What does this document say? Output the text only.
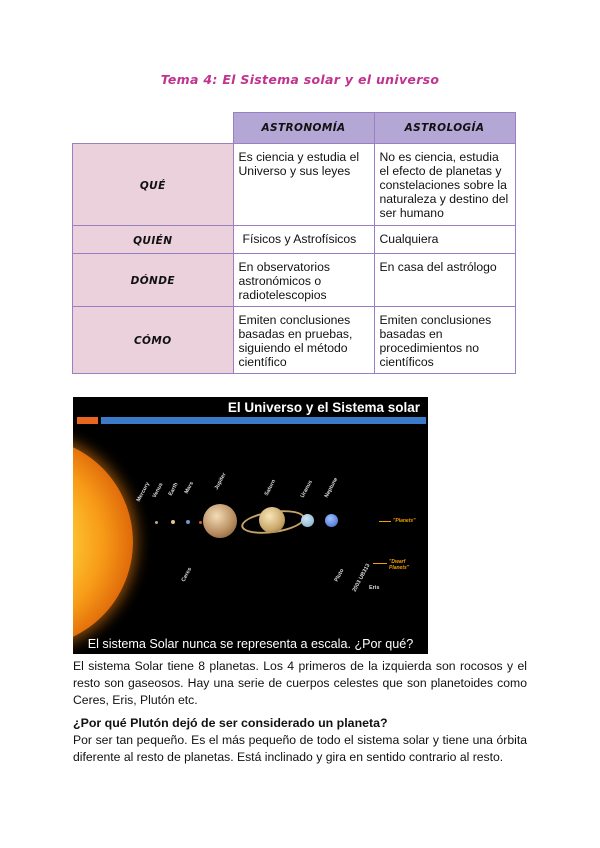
Tema 4: El Sistema solar y el universo
	ASTRONOMÍA	ASTROLOGÍA
QUÉ	Es ciencia y estudia el Universo y sus leyes	No es ciencia, estudia el efecto de planetas y constelaciones sobre la naturaleza y destino del ser humano
QUIÉN	Físicos y Astrofísicos	Cualquiera
DÓNDE	En observatorios astronómicos o radiotelescopios	En casa del astrólogo
CÓMO	Emiten conclusiones basadas en pruebas, siguiendo el método científico	Emiten conclusiones basadas en procedimientos no científicos
El Universo y el Sistema solar
Mercury Venus Earth Mars	Jupiter	Saturn	Uranus Neptune
Ceres	Pluto 2003 UB313
Eris
"Planets"
"Dwarf Planets"
El sistema Solar nunca se representa a escala. ¿Por qué?

El sistema Solar tiene 8 planetas. Los 4 primeros de la izquierda son rocosos y el resto son gaseosos. Hay una serie de cuerpos celestes que son planetoides como Ceres, Eris, Plutón etc.

¿Por qué Plutón dejó de ser considerado un planeta?

Por ser tan pequeño. Es el más pequeño de todo el sistema solar y tiene una órbita diferente al resto de planetas. Está inclinado y gira en sentido contrario al resto.
